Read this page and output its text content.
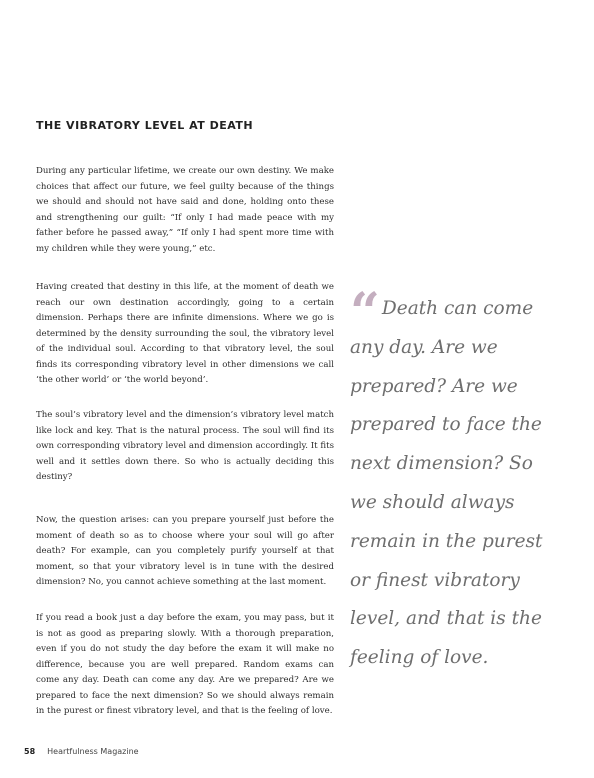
THE VIBRATORY LEVEL AT DEATH

During any particular lifetime, we create our own destiny. We make choices that affect our future, we feel guilty because of the things we should and should not have said and done, holding onto these and strengthening our guilt: “If only I had made peace with my father before he passed away,” “If only I had spent more time with my children while they were young,” etc.

Having created that destiny in this life, at the moment of death we reach our own destination accordingly, going to a certain dimension. Perhaps there are infinite dimensions. Where we go is determined by the density surrounding the soul, the vibratory level of the individual soul. According to that vibratory level, the soul finds its corresponding vibratory level in other dimensions we call ‘the other world’ or ‘the world beyond’.

The soul’s vibratory level and the dimension’s vibratory level match like lock and key. That is the natural process. The soul will find its own corresponding vibratory level and dimension accordingly. It fits well and it settles down there. So who is actually deciding this destiny?

Now, the question arises: can you prepare yourself just before the moment of death so as to choose where your soul will go after death? For example, can you completely purify yourself at that moment, so that your vibratory level is in tune with the desired dimension? No, you cannot achieve something at the last moment.

If you read a book just a day before the exam, you may pass, but it is not as good as preparing slowly. With a thorough preparation, even if you do not study the day before the exam it will make no difference, because you are well prepared. Random exams can come any day. Death can come any day. Are we prepared? Are we prepared to face the next dimension? So we should always remain in the purest or finest vibratory level, and that is the feeling of love.

“ Death can come any day. Are we prepared? Are we prepared to face the next dimension? So we should always remain in the purest or finest vibratory level, and that is the feeling of love.
58 Heartfulness Magazine
